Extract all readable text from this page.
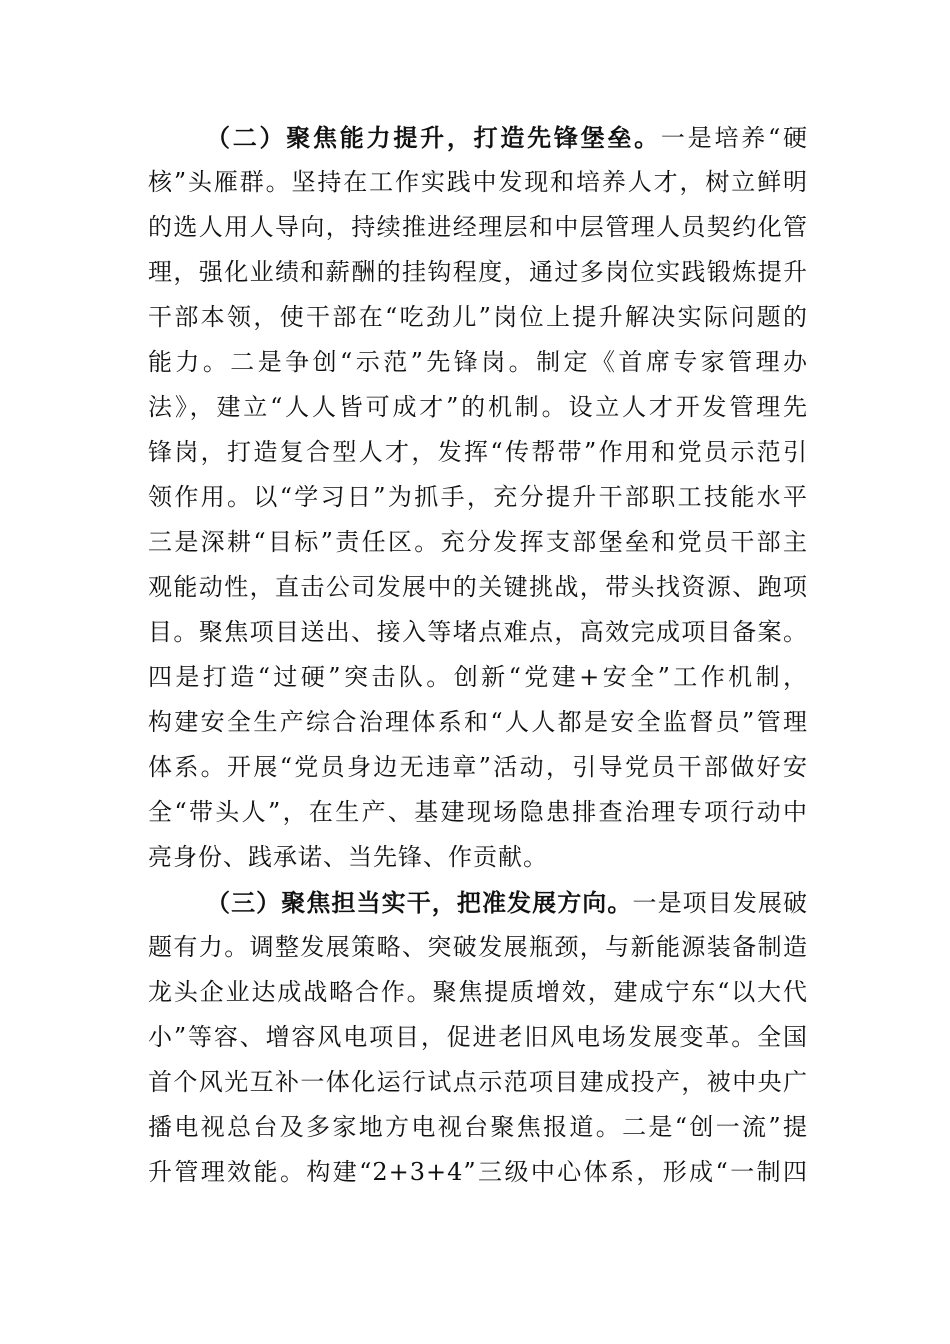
（二）聚焦能力提升，打造先锋堡垒。一是培养“硬
核”头雁群。坚持在工作实践中发现和培养人才，树立鲜明
的选人用人导向，持续推进经理层和中层管理人员契约化管
理，强化业绩和薪酬的挂钩程度，通过多岗位实践锻炼提升
干部本领，使干部在“吃劲儿”岗位上提升解决实际问题的
能力。二是争创“示范”先锋岗。制定《首席专家管理办
法》，建立“人人皆可成才”的机制。设立人才开发管理先
锋岗，打造复合型人才，发挥“传帮带”作用和党员示范引
领作用。以“学习日”为抓手，充分提升干部职工技能水平
三是深耕“目标”责任区。充分发挥支部堡垒和党员干部主
观能动性，直击公司发展中的关键挑战，带头找资源、跑项
目。聚焦项目送出、接入等堵点难点，高效完成项目备案。
四是打造“过硬”突击队。创新“党建+安全”工作机制，
构建安全生产综合治理体系和“人人都是安全监督员”管理
体系。开展“党员身边无违章”活动，引导党员干部做好安
全“带头人”，在生产、基建现场隐患排查治理专项行动中
亮身份、践承诺、当先锋、作贡献。
（三）聚焦担当实干，把准发展方向。一是项目发展破
题有力。调整发展策略、突破发展瓶颈，与新能源装备制造
龙头企业达成战略合作。聚焦提质增效，建成宁东“以大代
小”等容、增容风电项目，促进老旧风电场发展变革。全国
首个风光互补一体化运行试点示范项目建成投产，被中央广
播电视总台及多家地方电视台聚焦报道。二是“创一流”提
升管理效能。构建“2+3+4”三级中心体系，形成“一制四
